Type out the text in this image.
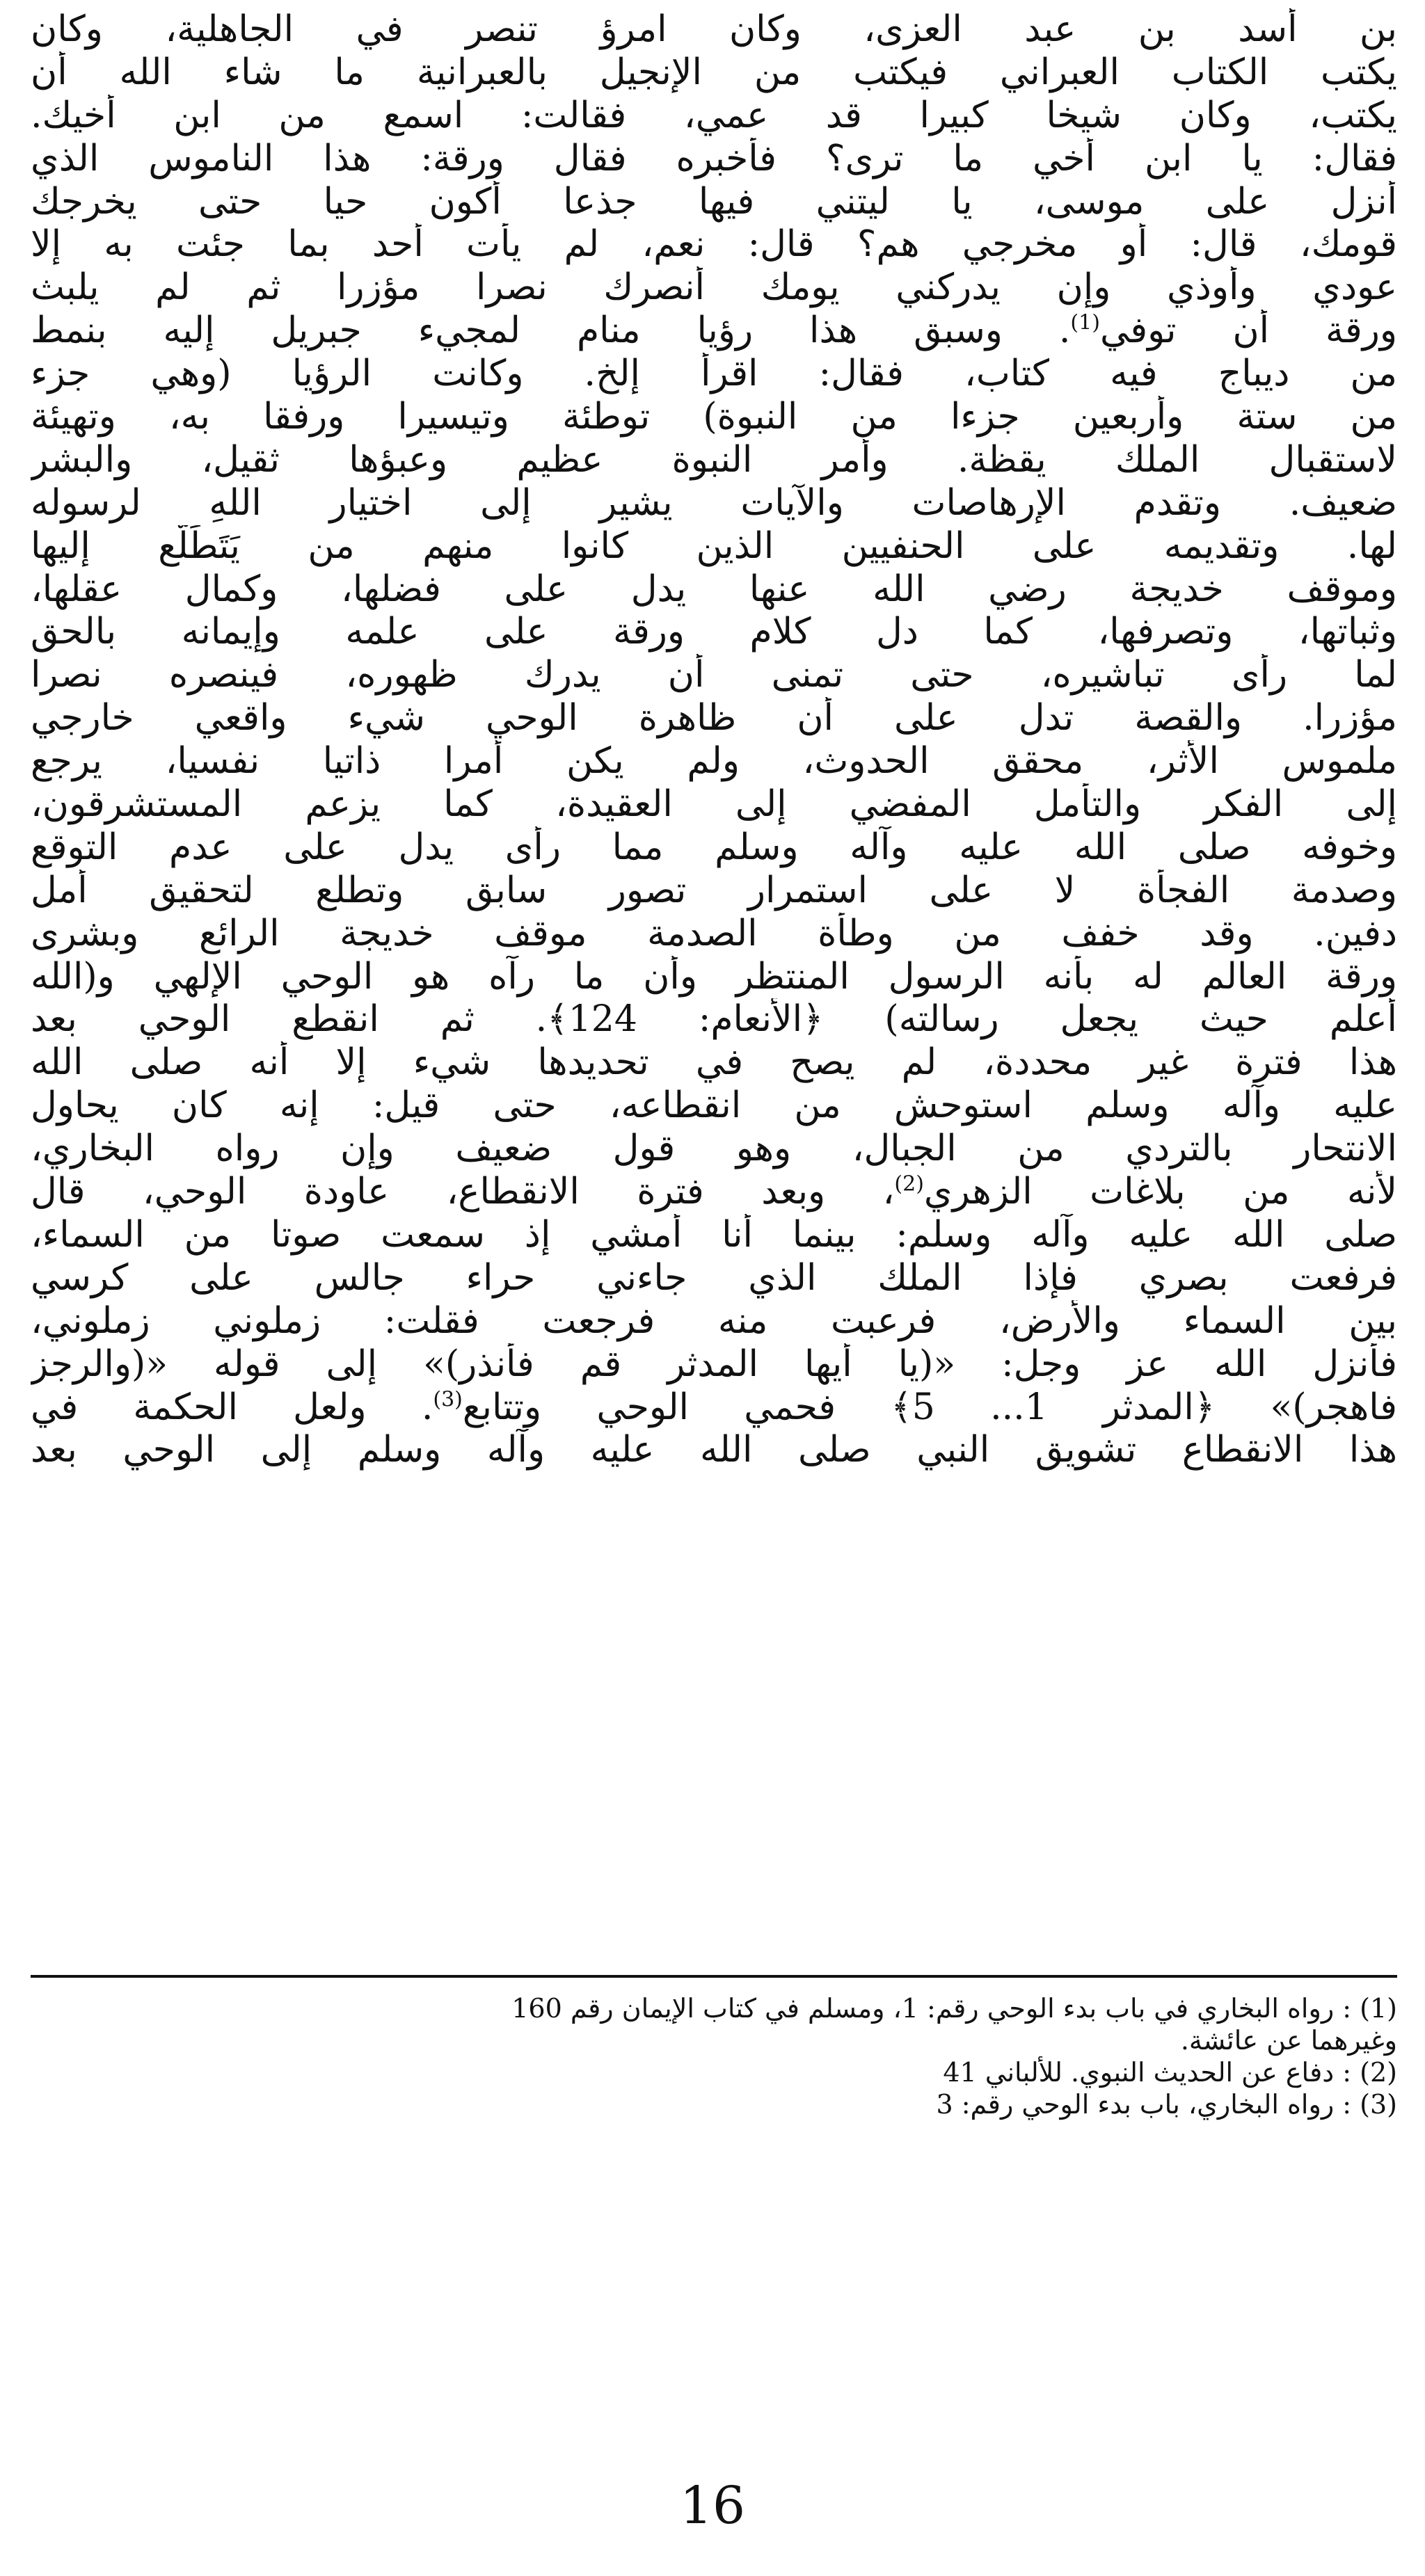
بن أسد بن عبد العزى، وكان امرؤ تنصر في الجاهلية، وكان
يكتب الكتاب العبراني فيكتب من الإنجيل بالعبرانية ما شاء الله أن
يكتب، وكان شيخا كبيرا قد عمي، فقالت: اسمع من ابن أخيك.
فقال: يا ابن أخي ما ترى؟ فأخبره فقال ورقة: هذا الناموس الذي
أنزل على موسى، يا ليتني فيها جذعا أكون حيا حتى يخرجك
قومك، قال: أو مخرجي هم؟ قال: نعم، لم يأت أحد بما جئت به إلا
عودي وأوذي وإن يدركني يومك أنصرك نصرا مؤزرا ثم لم يلبث
ورقة أن توفي$^{(1)}$. وسبق هذا رؤيا منام لمجيء جبريل إليه بنمط
من ديباج فيه كتاب، فقال: اقرأ إلخ. وكانت الرؤيا (وهي جزء
من ستة وأربعين جزءا من النبوة) توطئة وتيسيرا ورفقا به، وتهيئة
لاستقبال الملك يقظة. وأمر النبوة عظيم وعبؤها ثقيل، والبشر
ضعيف. وتقدم الإرهاصات والآيات يشير إلى اختيار اللهِ لرسوله
لها. وتقديمه على الحنفيين الذين كانوا منهم من يَتَطَلّع إليها
وموقف خديجة رضي الله عنها يدل على فضلها، وكمال عقلها،
وثباتها، وتصرفها، كما دل كلام ورقة على علمه وإيمانه بالحق
لما رأى تباشيره، حتى تمنى أن يدرك ظهوره، فينصره نصرا
مؤزرا. والقصة تدل على أن ظاهرة الوحي شيء واقعي خارجي
ملموس الأثر، محقق الحدوث، ولم يكن أمرا ذاتيا نفسيا، يرجع
إلى الفكر والتأمل المفضي إلى العقيدة، كما يزعم المستشرقون،
وخوفه صلى الله عليه وآله وسلم مما رأى يدل على عدم التوقع
وصدمة الفجأة لا على استمرار تصور سابق وتطلع لتحقيق أمل
دفين. وقد خفف من وطأة الصدمة موقف خديجة الرائع وبشرى
ورقة العالم له بأنه الرسول المنتظر وأن ما رآه هو الوحي الإلهي و(الله
أعلم حيث يجعل رسالته) ﴿الأنعام: 124﴾. ثم انقطع الوحي بعد
هذا فترة غير محددة، لم يصح في تحديدها شيء إلا أنه صلى الله
عليه وآله وسلم استوحش من انقطاعه، حتى قيل: إنه كان يحاول
الانتحار بالتردي من الجبال، وهو قول ضعيف وإن رواه البخاري،
لأنه من بلاغات الزهري$^{(2)}$، وبعد فترة الانقطاع، عاودة الوحي، قال
صلى الله عليه وآله وسلم: بينما أنا أمشي إذ سمعت صوتا من السماء،
فرفعت بصري فإذا الملك الذي جاءني حراء جالس على كرسي
بين السماء والأرض، فرعبت منه فرجعت فقلت: زملوني زملوني،
فأنزل الله عز وجل: «(يا أيها المدثر قم فأنذر)» إلى قوله «(والرجز
فاهجر)» ﴿المدثر 1... 5﴾ فحمي الوحي وتتابع$^{(3)}$. ولعل الحكمة في
هذا الانقطاع تشويق النبي صلى الله عليه وآله وسلم إلى الوحي بعد
(1) : رواه البخاري في باب بدء الوحي رقم: 1، ومسلم في كتاب الإيمان رقم 160
وغيرهما عن عائشة.
(2) : دفاع عن الحديث النبوي. للألباني 41
(3) : رواه البخاري، باب بدء الوحي رقم: 3
16
